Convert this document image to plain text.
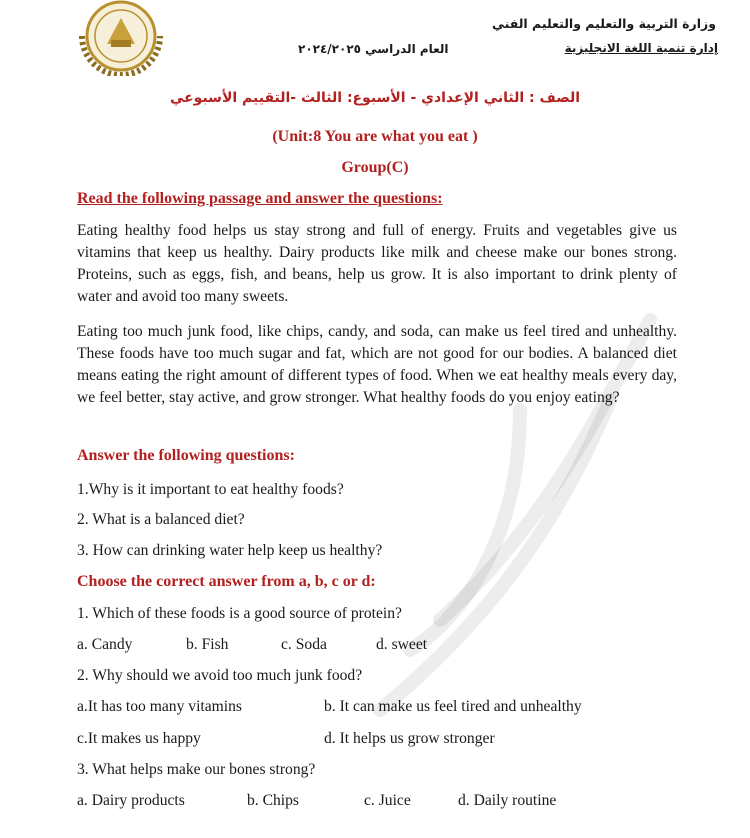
وزارة التربية والتعليم والتعليم الفني
إدارة تنمية اللغة الانجليزية
العام الدراسي ٢٠٢٤/٢٠٢٥
الصف : الثاني الإعدادي - الأسبوع: الثالث -التقييم الأسبوعي
(Unit:8 You are what you eat )
Group(C)
Read the following passage and answer the questions:
Eating healthy food helps us stay strong and full of energy. Fruits and vegetables give us vitamins that keep us healthy. Dairy products like milk and cheese make our bones strong. Proteins, such as eggs, fish, and beans, help us grow. It is also important to drink plenty of water and avoid too many sweets.
Eating too much junk food, like chips, candy, and soda, can make us feel tired and unhealthy. These foods have too much sugar and fat, which are not good for our bodies. A balanced diet means eating the right amount of different types of food. When we eat healthy meals every day, we feel better, stay active, and grow stronger. What healthy foods do you enjoy eating?
Answer the following questions:
1.Why is it important to eat healthy foods?
2. What is a balanced diet?
3. How can drinking water help keep us healthy?
Choose the correct answer from a, b, c or d:
1. Which of these foods is a good source of protein?
a. Candy	b. Fish	c. Soda	d. sweet
2. Why should we avoid too much junk food?
a.It has too many vitamins	b. It can make us feel tired and unhealthy
c.It makes us happy	d. It helps us grow stronger
3. What helps make our bones strong?
a. Dairy products	b. Chips	c. Juice	d. Daily routine
